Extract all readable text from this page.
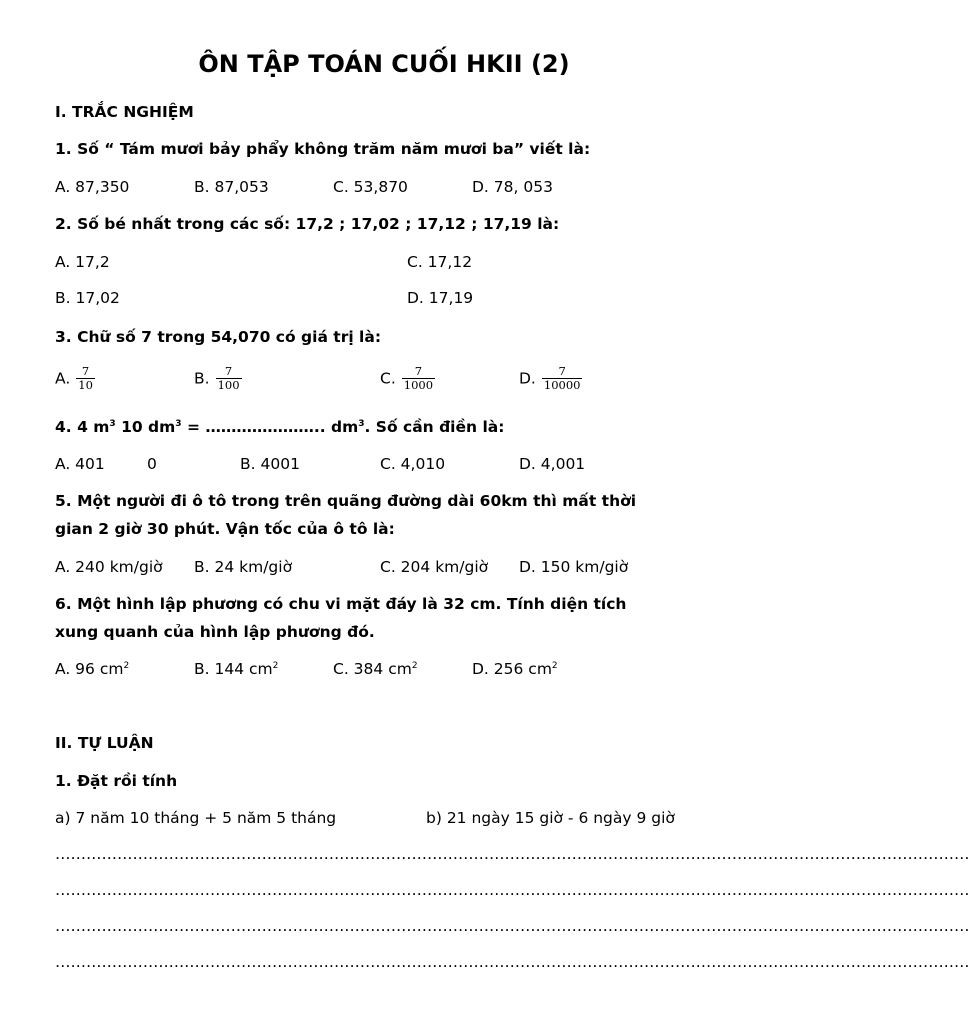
ÔN TẬP TOÁN CUỐI HKII (2)
I. TRẮC NGHIỆM
1. Số “ Tám mươi bảy phẩy không trăm năm mươi ba” viết là:
A. 87,350	B. 87,053	C. 53,870	D. 78, 053
2. Số bé nhất trong các số: 17,2 ; 17,02 ; 17,12 ; 17,19 là:
A. 17,2	C. 17,12
B. 17,02	D. 17,19
3. Chữ số 7 trong 54,070 có giá trị là:
A. $\frac{7}{10}$	B. $\frac{7}{100}$	C. $\frac{7}{1000}$	D. $\frac{7}{10000}$
4. 4 $m^3$ 10 $dm^3$ = ………………….. $dm^3$. Số cần điền là:
A. 401	0	B. 4001	C. 4,010	D. 4,001
5. Một người đi ô tô trong trên quãng đường dài 60km thì mất thời
gian 2 giờ 30 phút. Vận tốc của ô tô là:
A. 240 km/giờ B. 24 km/giờ	C. 204 km/giờ D. 150 km/giờ
6. Một hình lập phương có chu vi mặt đáy là 32 cm. Tính diện tích
xung quanh của hình lập phương đó.
A. 96 $cm^2$	B. 144 $cm^2$	C. 384 $cm^2$	D. 256 $cm^2$
II. TỰ LUẬN
1. Đặt rồi tính
a) 7 năm 10 tháng + 5 năm 5 tháng	b) 21 ngày 15 giờ - 6 ngày 9 giờ
……………………………………………………………………………………………………………………………………………………………
……………………………………………………………………………………………………………………………………………………………
……………………………………………………………………………………………………………………………………………………………
……………………………………………………………………………………………………………………………………………………………
